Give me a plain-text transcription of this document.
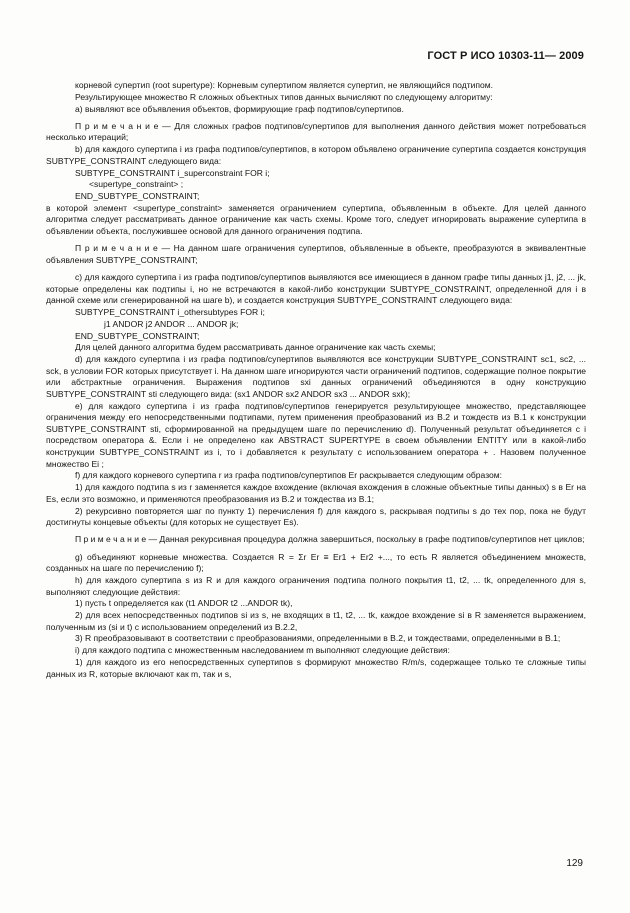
ГОСТ Р ИСО 10303-11— 2009

корневой супертип (root supertype): Корневым супертипом является супертип, не являющийся подтипом.

Результирующее множество R сложных объектных типов данных вычисляют по следующему алгоритму:

а) выявляют все объявления объектов, формирующие граф подтипов/супертипов.

П р и м е ч а н и е — Для сложных графов подтипов/супертипов для выполнения данного действия может потребоваться несколько итераций;

b) для каждого супертипа i из графа подтипов/супертипов, в котором объявлено ограничение супертипа создается конструкция SUBTYPE_CONSTRAINT следующего вида:

SUBTYPE_CONSTRAINT i_superconstraint FOR i;

<supertype_constraint> ;

END_SUBTYPE_CONSTRAINT;

в которой элемент <supertype_constraint> заменяется ограничением супертипа, объявленным в объекте. Для целей данного алгоритма следует рассматривать данное ограничение как часть схемы. Кроме того, следует игнорировать выражение супертипа в объявлении объекта, послужившее основой для данного ограничения подтипа.

П р и м е ч а н и е — На данном шаге ограничения супертипов, объявленные в объекте, преобразуются в эквивалентные объявления SUBTYPE_CONSTRAINT;

с) для каждого супертипа i из графа подтипов/супертипов выявляются все имеющиеся в данном графе типы данных j1, j2, ... jk, которые определены как подтипы i, но не встречаются в какой-либо конструкции SUBTYPE_CONSTRAINT, определенной для i в данной схеме или сгенерированной на шаге b), и создается конструкция SUBTYPE_CONSTRAINT следующего вида:

SUBTYPE_CONSTRAINT i_othersubtypes FOR i;

j1 ANDOR j2 ANDOR ... ANDOR jk;

END_SUBTYPE_CONSTRAINT;

Для целей данного алгоритма будем рассматривать данное ограничение как часть схемы;

d) для каждого супертипа i из графа подтипов/супертипов выявляются все конструкции SUBTYPE_CONSTRAINT sc1, sc2, ... sck, в условии FOR которых присутствует i. На данном шаге игнорируются части ограничений подтипов, содержащие полное покрытие или абстрактные ограничения. Выражения подтипов sxi данных ограничений объединяются в одну конструкцию SUBTYPE_CONSTRAINT sti следующего вида: (sx1 ANDOR sx2 ANDOR sx3 ... ANDOR sxk);

е) для каждого супертипа i из графа подтипов/супертипов генерируется результирующее множество, представляющее ограничения между его непосредственными подтипами, путем применения преобразований из В.2 и тождеств из В.1 к конструкции SUBTYPE_CONSTRAINT sti, сформированной на предыдущем шаге по перечислению d). Полученный результат объединяется с i посредством оператора &. Если i не определено как ABSTRACT SUPERTYPE в своем объявлении ENTITY или в какой-либо конструкции SUBTYPE_CONSTRAINT из i, то i добавляется к результату с использованием оператора + . Назовем полученное множество Ei ;

f) для каждого корневого супертипа r из графа подтипов/супертипов Er раскрывается следующим образом:

1) для каждого подтипа s из r заменяется каждое вхождение (включая вхождения в сложные объектные типы данных) s в Er на Es, если это возможно, и применяются преобразования из В.2 и тождества из В.1;

2) рекурсивно повторяется шаг по пункту 1) перечисления f) для каждого s, раскрывая подтипы s до тех пор, пока не будут достигнуты концевые объекты (для которых не существует Es).

П р и м е ч а н и е — Данная рекурсивная процедура должна завершиться, поскольку в графе подтипов/супертипов нет циклов;

g) объединяют корневые множества. Создается R = Σr Er ≡ Er1 + Er2 +..., то есть R является объединением множеств, созданных на шаге по перечислению f);

h) для каждого супертипа s из R и для каждого ограничения подтипа полного покрытия t1, t2, ... tk, определенного для s, выполняют следующие действия:

1) пусть t определяется как (t1 ANDOR t2 ...ANDOR tk),

2) для всех непосредственных подтипов si из s, не входящих в t1, t2, ... tk, каждое вхождение si в R заменяется выражением, полученным из (si и t) с использованием определений из В.2.2,

3) R преобразовывают в соответствии с преобразованиями, определенными в В.2, и тождествами, определенными в В.1;

i) для каждого подтипа с множественным наследованием m выполняют следующие действия:

1) для каждого из его непосредственных супертипов s формируют множество R/m/s, содержащее только те сложные типы данных из R, которые включают как m, так и s,

129
